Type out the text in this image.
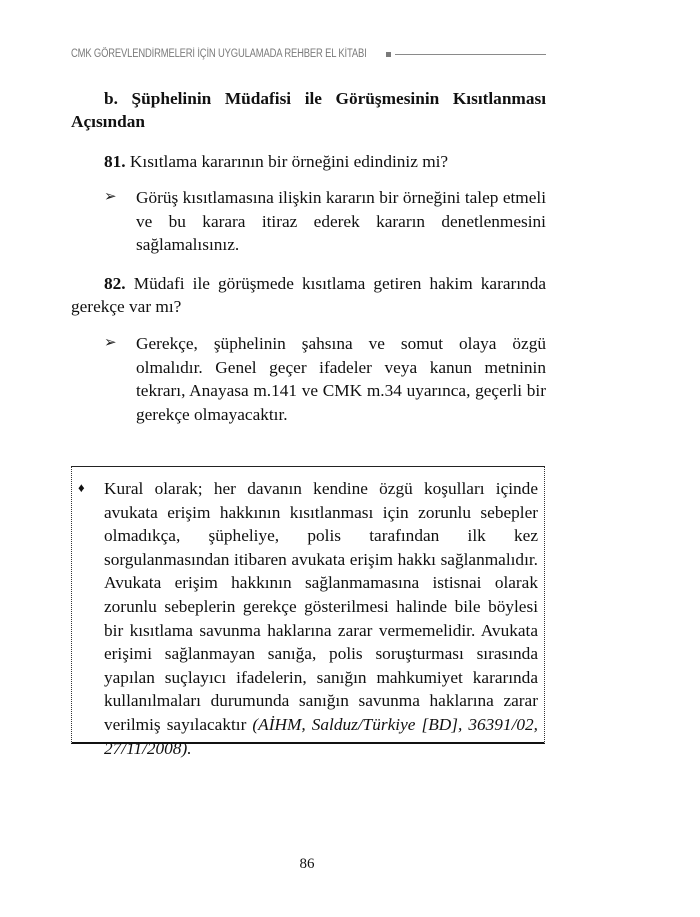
CMK GÖREVLENDİRMELERİ İÇİN UYGULAMADA REHBER EL KİTABI
b. Şüphelinin Müdafisi ile Görüşmesinin Kısıtlanması
Açısından
81. Kısıtlama kararının bir örneğini edindiniz mi?
➢	Görüş kısıtlamasına ilişkin kararın bir örneğini talep etmeli ve bu karara itiraz ederek kararın denetlenmesini sağlamalısınız.
82. Müdafi ile görüşmede kısıtlama getiren hakim kararında gerekçe var mı?
➢	Gerekçe, şüphelinin şahsına ve somut olaya özgü olmalıdır. Genel geçer ifadeler veya kanun metninin tekrarı, Anayasa m.141 ve CMK m.34 uyarınca, geçerli bir gerekçe olmayacaktır.
♦ Kural olarak; her davanın kendine özgü koşulları içinde avukata erişim hakkının kısıtlanması için zorunlu sebepler olmadıkça, şüpheliye, polis tarafından ilk kez sorgulanmasından itibaren avukata erişim hakkı sağlanmalıdır. Avukata erişim hakkının sağlanmamasına istisnai olarak zorunlu sebeplerin gerekçe gösterilmesi halinde bile böylesi bir kısıtlama savunma haklarına zarar vermemelidir. Avukata erişimi sağlanmayan sanığa, polis soruşturması sırasında yapılan suçlayıcı ifadelerin, sanığın mahkumiyet kararında kullanılmaları durumunda sanığın savunma haklarına zarar verilmiş sayılacaktır (AİHM, Salduz/Türkiye [BD], 36391/02, 27/11/2008).
86
